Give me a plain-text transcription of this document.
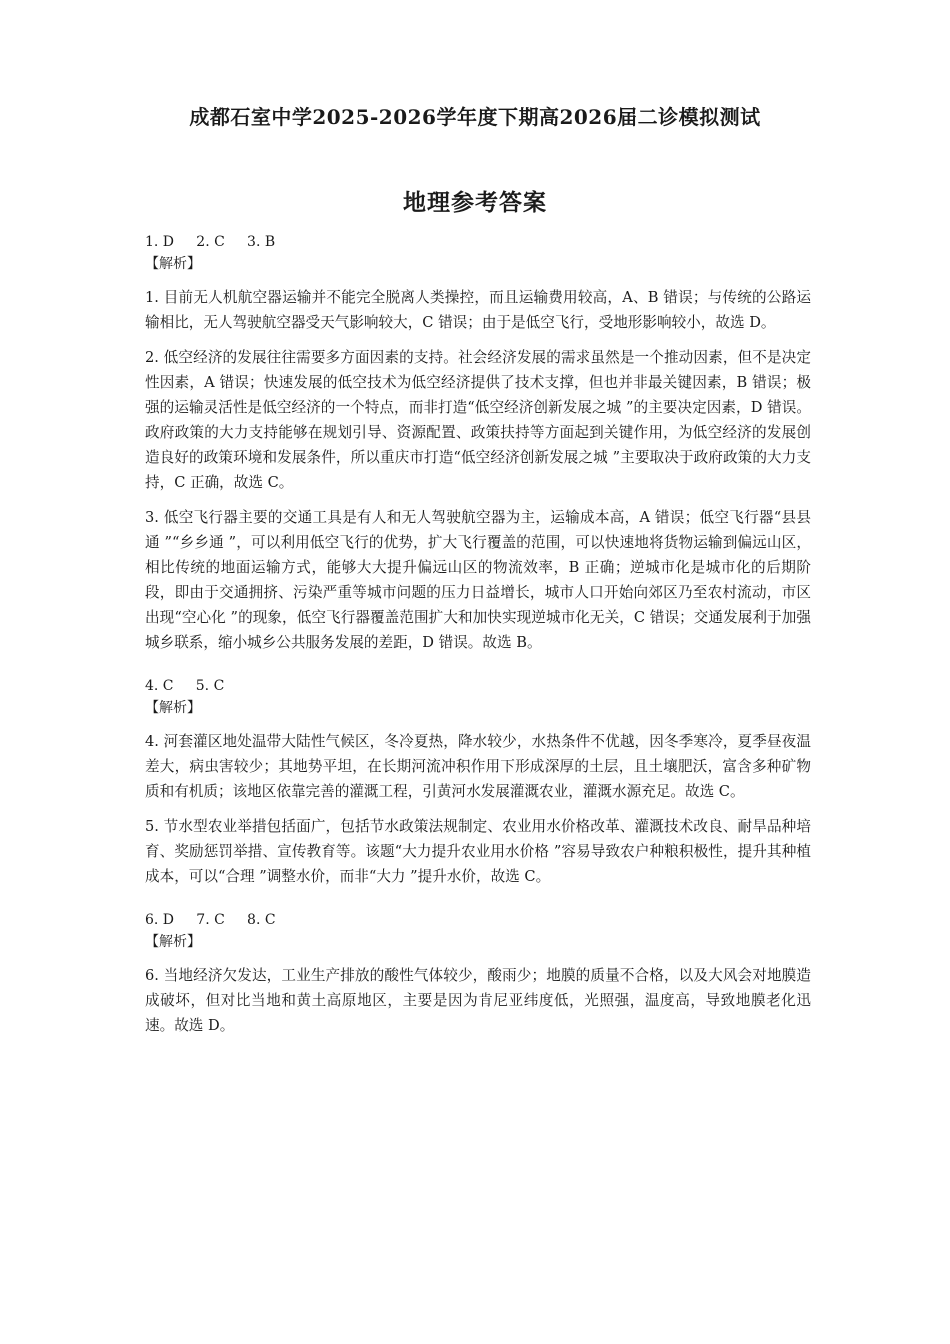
成都石室中学2025-2026学年度下期高2026届二诊模拟测试
地理参考答案

1. D     2. C     3. B

【解析】

1. 目前无人机航空器运输并不能完全脱离人类操控，而且运输费用较高，A、B 错误；与传统的公路运输相比，无人驾驶航空器受天气影响较大，C 错误；由于是低空飞行，受地形影响较小，故选 D。

2. 低空经济的发展往往需要多方面因素的支持。社会经济发展的需求虽然是一个推动因素，但不是决定性因素，A 错误；快速发展的低空技术为低空经济提供了技术支撑，但也并非最关键因素，B 错误；极强的运输灵活性是低空经济的一个特点，而非打造“低空经济创新发展之城 ”的主要决定因素，D 错误。政府政策的大力支持能够在规划引导、资源配置、政策扶持等方面起到关键作用，为低空经济的发展创造良好的政策环境和发展条件，所以重庆市打造“低空经济创新发展之城 ”主要取决于政府政策的大力支持，C 正确，故选 C。

3. 低空飞行器主要的交通工具是有人和无人驾驶航空器为主，运输成本高，A 错误；低空飞行器“县县通 ”“乡乡通 ”，可以利用低空飞行的优势，扩大飞行覆盖的范围，可以快速地将货物运输到偏远山区，相比传统的地面运输方式，能够大大提升偏远山区的物流效率，B 正确；逆城市化是城市化的后期阶段，即由于交通拥挤、污染严重等城市问题的压力日益增长，城市人口开始向郊区乃至农村流动，市区出现“空心化 ”的现象，低空飞行器覆盖范围扩大和加快实现逆城市化无关，C 错误；交通发展利于加强城乡联系，缩小城乡公共服务发展的差距，D 错误。故选 B。

4. C     5. C

【解析】

4. 河套灌区地处温带大陆性气候区，冬冷夏热，降水较少，水热条件不优越，因冬季寒冷，夏季昼夜温差大，病虫害较少；其地势平坦，在长期河流冲积作用下形成深厚的土层，且土壤肥沃，富含多种矿物质和有机质；该地区依靠完善的灌溉工程，引黄河水发展灌溉农业，灌溉水源充足。故选 C。

5. 节水型农业举措包括面广，包括节水政策法规制定、农业用水价格改革、灌溉技术改良、耐旱品种培育、奖励惩罚举措、宣传教育等。该题“大力提升农业用水价格 ”容易导致农户种粮积极性，提升其种植成本，可以“合理 ”调整水价，而非“大力 ”提升水价，故选 C。

6. D     7. C     8. C

【解析】

6. 当地经济欠发达，工业生产排放的酸性气体较少，酸雨少；地膜的质量不合格，以及大风会对地膜造成破坏，但对比当地和黄土高原地区，主要是因为肯尼亚纬度低，光照强，温度高，导致地膜老化迅速。故选 D。
